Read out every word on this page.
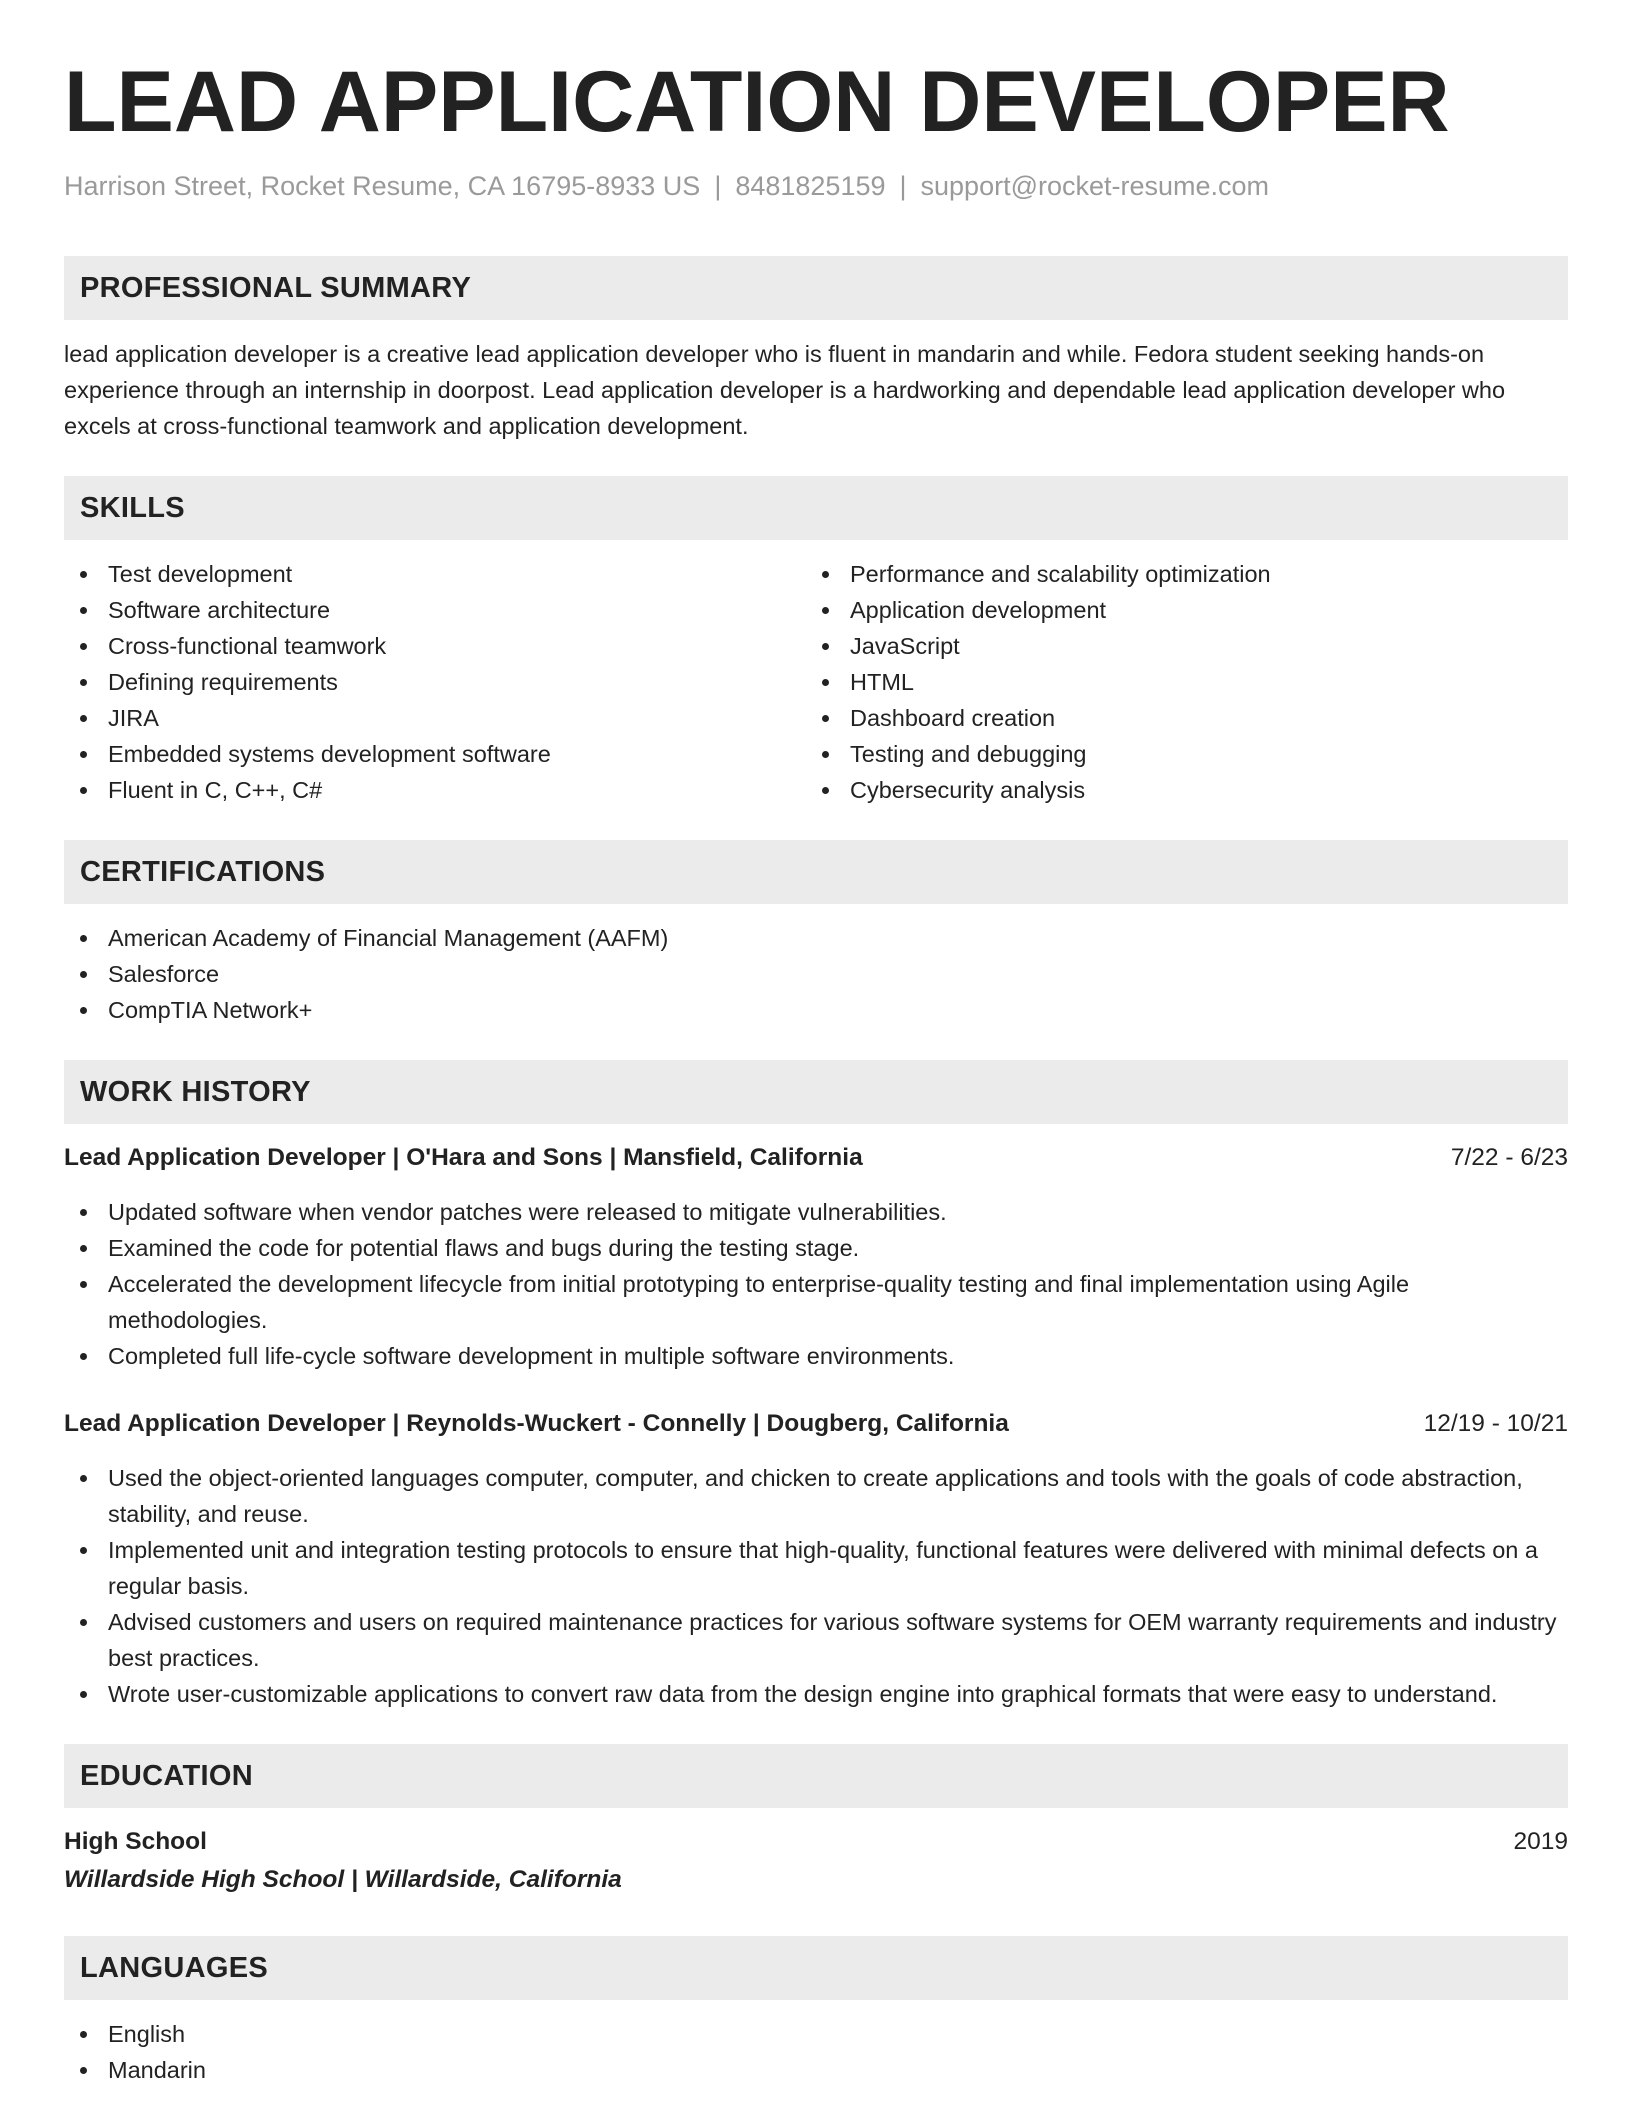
LEAD APPLICATION DEVELOPER
Harrison Street, Rocket Resume, CA 16795-8933 US | 8481825159 | support@rocket-resume.com
PROFESSIONAL SUMMARY

lead application developer is a creative lead application developer who is fluent in mandarin and while. Fedora student seeking hands-on experience through an internship in doorpost. Lead application developer is a hardworking and dependable lead application developer who excels at cross-functional teamwork and application development.

SKILLS
Test development
Software architecture
Cross-functional teamwork
Defining requirements
JIRA
Embedded systems development software
Fluent in C, C++, C#
Performance and scalability optimization
Application development
JavaScript
HTML
Dashboard creation
Testing and debugging
Cybersecurity analysis
CERTIFICATIONS
American Academy of Financial Management (AAFM)
Salesforce
CompTIA Network+
WORK HISTORY
Lead Application Developer | O'Hara and Sons | Mansfield, California	7/22 - 6/23
Updated software when vendor patches were released to mitigate vulnerabilities.
Examined the code for potential flaws and bugs during the testing stage.
Accelerated the development lifecycle from initial prototyping to enterprise-quality testing and final implementation using Agile methodologies.
Completed full life-cycle software development in multiple software environments.
Lead Application Developer | Reynolds-Wuckert - Connelly | Dougberg, California	12/19 - 10/21
Used the object-oriented languages computer, computer, and chicken to create applications and tools with the goals of code abstraction, stability, and reuse.
Implemented unit and integration testing protocols to ensure that high-quality, functional features were delivered with minimal defects on a regular basis.
Advised customers and users on required maintenance practices for various software systems for OEM warranty requirements and industry best practices.
Wrote user-customizable applications to convert raw data from the design engine into graphical formats that were easy to understand.
EDUCATION
High School	2019
Willardside High School | Willardside, California
LANGUAGES
English
Mandarin
